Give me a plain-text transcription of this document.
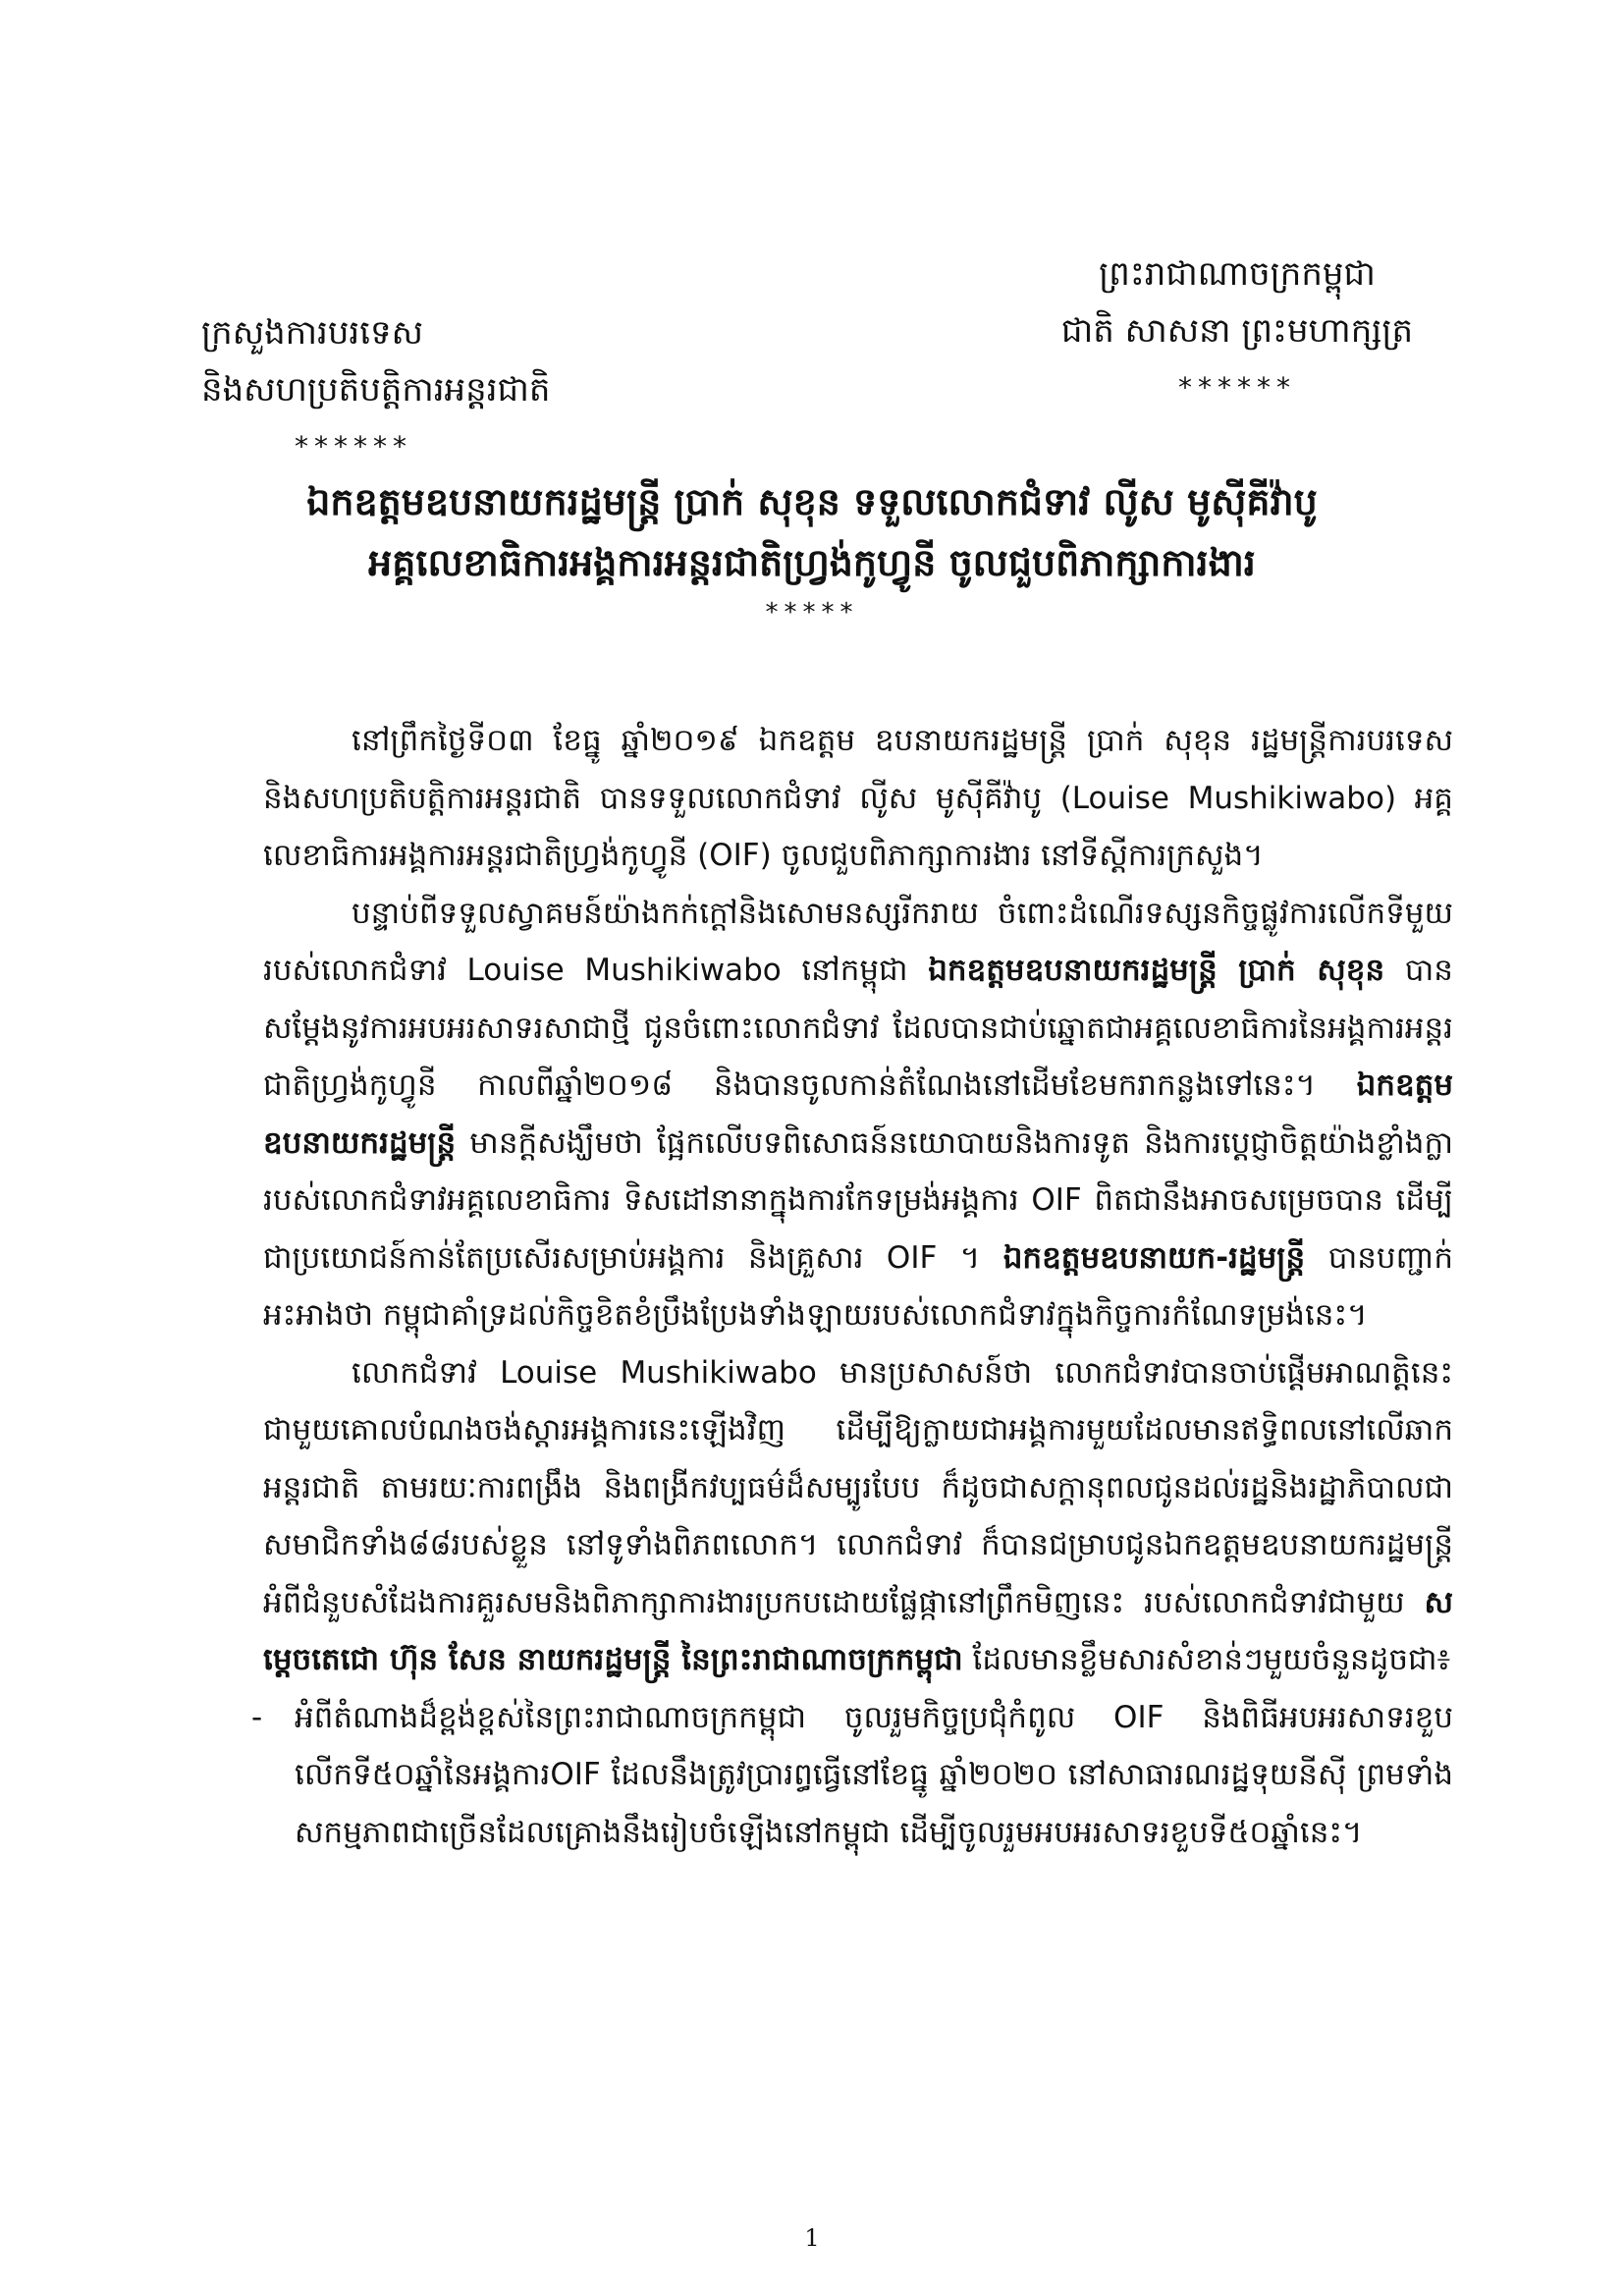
ព្រះរាជាណាចក្រកម្ពុជា
ជាតិ សាសនា ព្រះមហាក្សត្រ
******
ក្រសួងការបរទេស
និងសហប្រតិបត្តិការអន្តរជាតិ
******
ឯកឧត្តមឧបនាយករដ្ឋមន្ត្រី ប្រាក់ សុខុន ទទួលលោកជំទាវ លូីស មូស៊ីគីវ៉ាបូ
អគ្គលេខាធិការអង្គការអន្តរជាតិហ្វ្រង់កូហ្វូនី ចូលជួបពិភាក្សាការងារ
*****

នៅព្រឹកថ្ងៃទី០៣ ខែធ្នូ ឆ្នាំ២០១៩ ឯកឧត្តម ឧបនាយករដ្ឋមន្ត្រី ប្រាក់ សុខុន រដ្ឋមន្ត្រីការបរទេស និងសហប្រតិបត្តិការអន្តរជាតិ បានទទួលលោកជំទាវ លូីស មូស៊ីគីវ៉ាបូ (Louise Mushikiwabo) អគ្គលេខាធិការអង្គការអន្តរជាតិហ្វ្រង់កូហ្វូនី (OIF) ចូលជួបពិភាក្សាការងារ នៅទីស្តីការក្រសួង។

បន្ទាប់ពីទទួលស្វាគមន៍យ៉ាងកក់ក្តៅនិងសោមនស្សរីករាយ ចំពោះដំណើរទស្សនកិច្ចផ្លូវការលើកទីមួយរបស់លោកជំទាវ Louise Mushikiwabo នៅកម្ពុជា ឯកឧត្តមឧបនាយករដ្ឋមន្ត្រី ប្រាក់ សុខុន បានសម្តែងនូវការអបអរសាទរសាជាថ្មី ជូនចំពោះលោកជំទាវ ដែលបានជាប់ឆ្នោតជាអគ្គលេខាធិការនៃអង្គការអន្តរជាតិហ្វ្រង់កូហ្វូនី កាលពីឆ្នាំ២០១៨ និងបានចូលកាន់តំណែងនៅដើមខែមករាកន្លងទៅនេះ។ ឯកឧត្តមឧបនាយករដ្ឋមន្ត្រី មានក្តីសង្ឃឹមថា ផ្អែកលើបទពិសោធន៍នយោបាយនិងការទូត និងការប្តេជ្ញាចិត្តយ៉ាងខ្លាំងក្លារបស់លោកជំទាវអគ្គលេខាធិការ ទិសដៅនានាក្នុងការកែទម្រង់អង្គការ OIF ពិតជានឹងអាចសម្រេចបាន ដើម្បីជាប្រយោជន៍កាន់តែប្រសើរសម្រាប់អង្គការ និងគ្រួសារ OIF ។ ឯកឧត្តមឧបនាយក-រដ្ឋមន្ត្រី បានបញ្ជាក់អះអាងថា កម្ពុជាគាំទ្រដល់កិច្ចខិតខំប្រឹងប្រែងទាំងឡាយរបស់លោកជំទាវក្នុងកិច្ចការកំណែទម្រង់នេះ។

លោកជំទាវ Louise Mushikiwabo មានប្រសាសន៍ថា លោកជំទាវបានចាប់ផ្តើមអាណត្តិនេះជាមួយគោលបំណងចង់ស្តារអង្គការនេះឡើងវិញ ដើម្បីឱ្យក្លាយជាអង្គការមួយដែលមានឥទ្ធិពលនៅលើឆាកអន្តរជាតិ តាមរយៈការពង្រឹង និងពង្រីកវប្បធម៌ដ៏សម្បូរបែប ក៏ដូចជាសក្តានុពលជូនដល់រដ្ឋនិងរដ្ឋាភិបាលជាសមាជិកទាំង៨៨របស់ខ្លួន នៅទូទាំងពិភពលោក។ លោកជំទាវ ក៏បានជម្រាបជូនឯកឧត្តមឧបនាយករដ្ឋមន្ត្រី អំពីជំនួបសំដែងការគួរសមនិងពិភាក្សាការងារប្រកបដោយផ្លែផ្កានៅព្រឹកមិញនេះ របស់លោកជំទាវជាមួយ សម្តេចតេជោ ហ៊ុន សែន នាយករដ្ឋមន្ត្រី នៃព្រះរាជាណាចក្រកម្ពុជា ដែលមានខ្លឹមសារសំខាន់ៗមួយចំនួនដូចជា៖

-	អំពីតំណាងដ៏ខ្ពង់ខ្ពស់នៃព្រះរាជាណាចក្រកម្ពុជា ចូលរួមកិច្ចប្រជុំកំពូល OIF និងពិធីអបអរសាទរខួបលើកទី៥០ឆ្នាំនៃអង្គការOIF ដែលនឹងត្រូវប្រារព្ធធ្វើនៅខែធ្នូ ឆ្នាំ២០២០ នៅសាធារណរដ្ឋទុយនីស៊ី ព្រមទាំងសកម្មភាពជាច្រើនដែលគ្រោងនឹងរៀបចំឡើងនៅកម្ពុជា ដើម្បីចូលរួមអបអរសាទរខួបទី៥០ឆ្នាំនេះ។
1
